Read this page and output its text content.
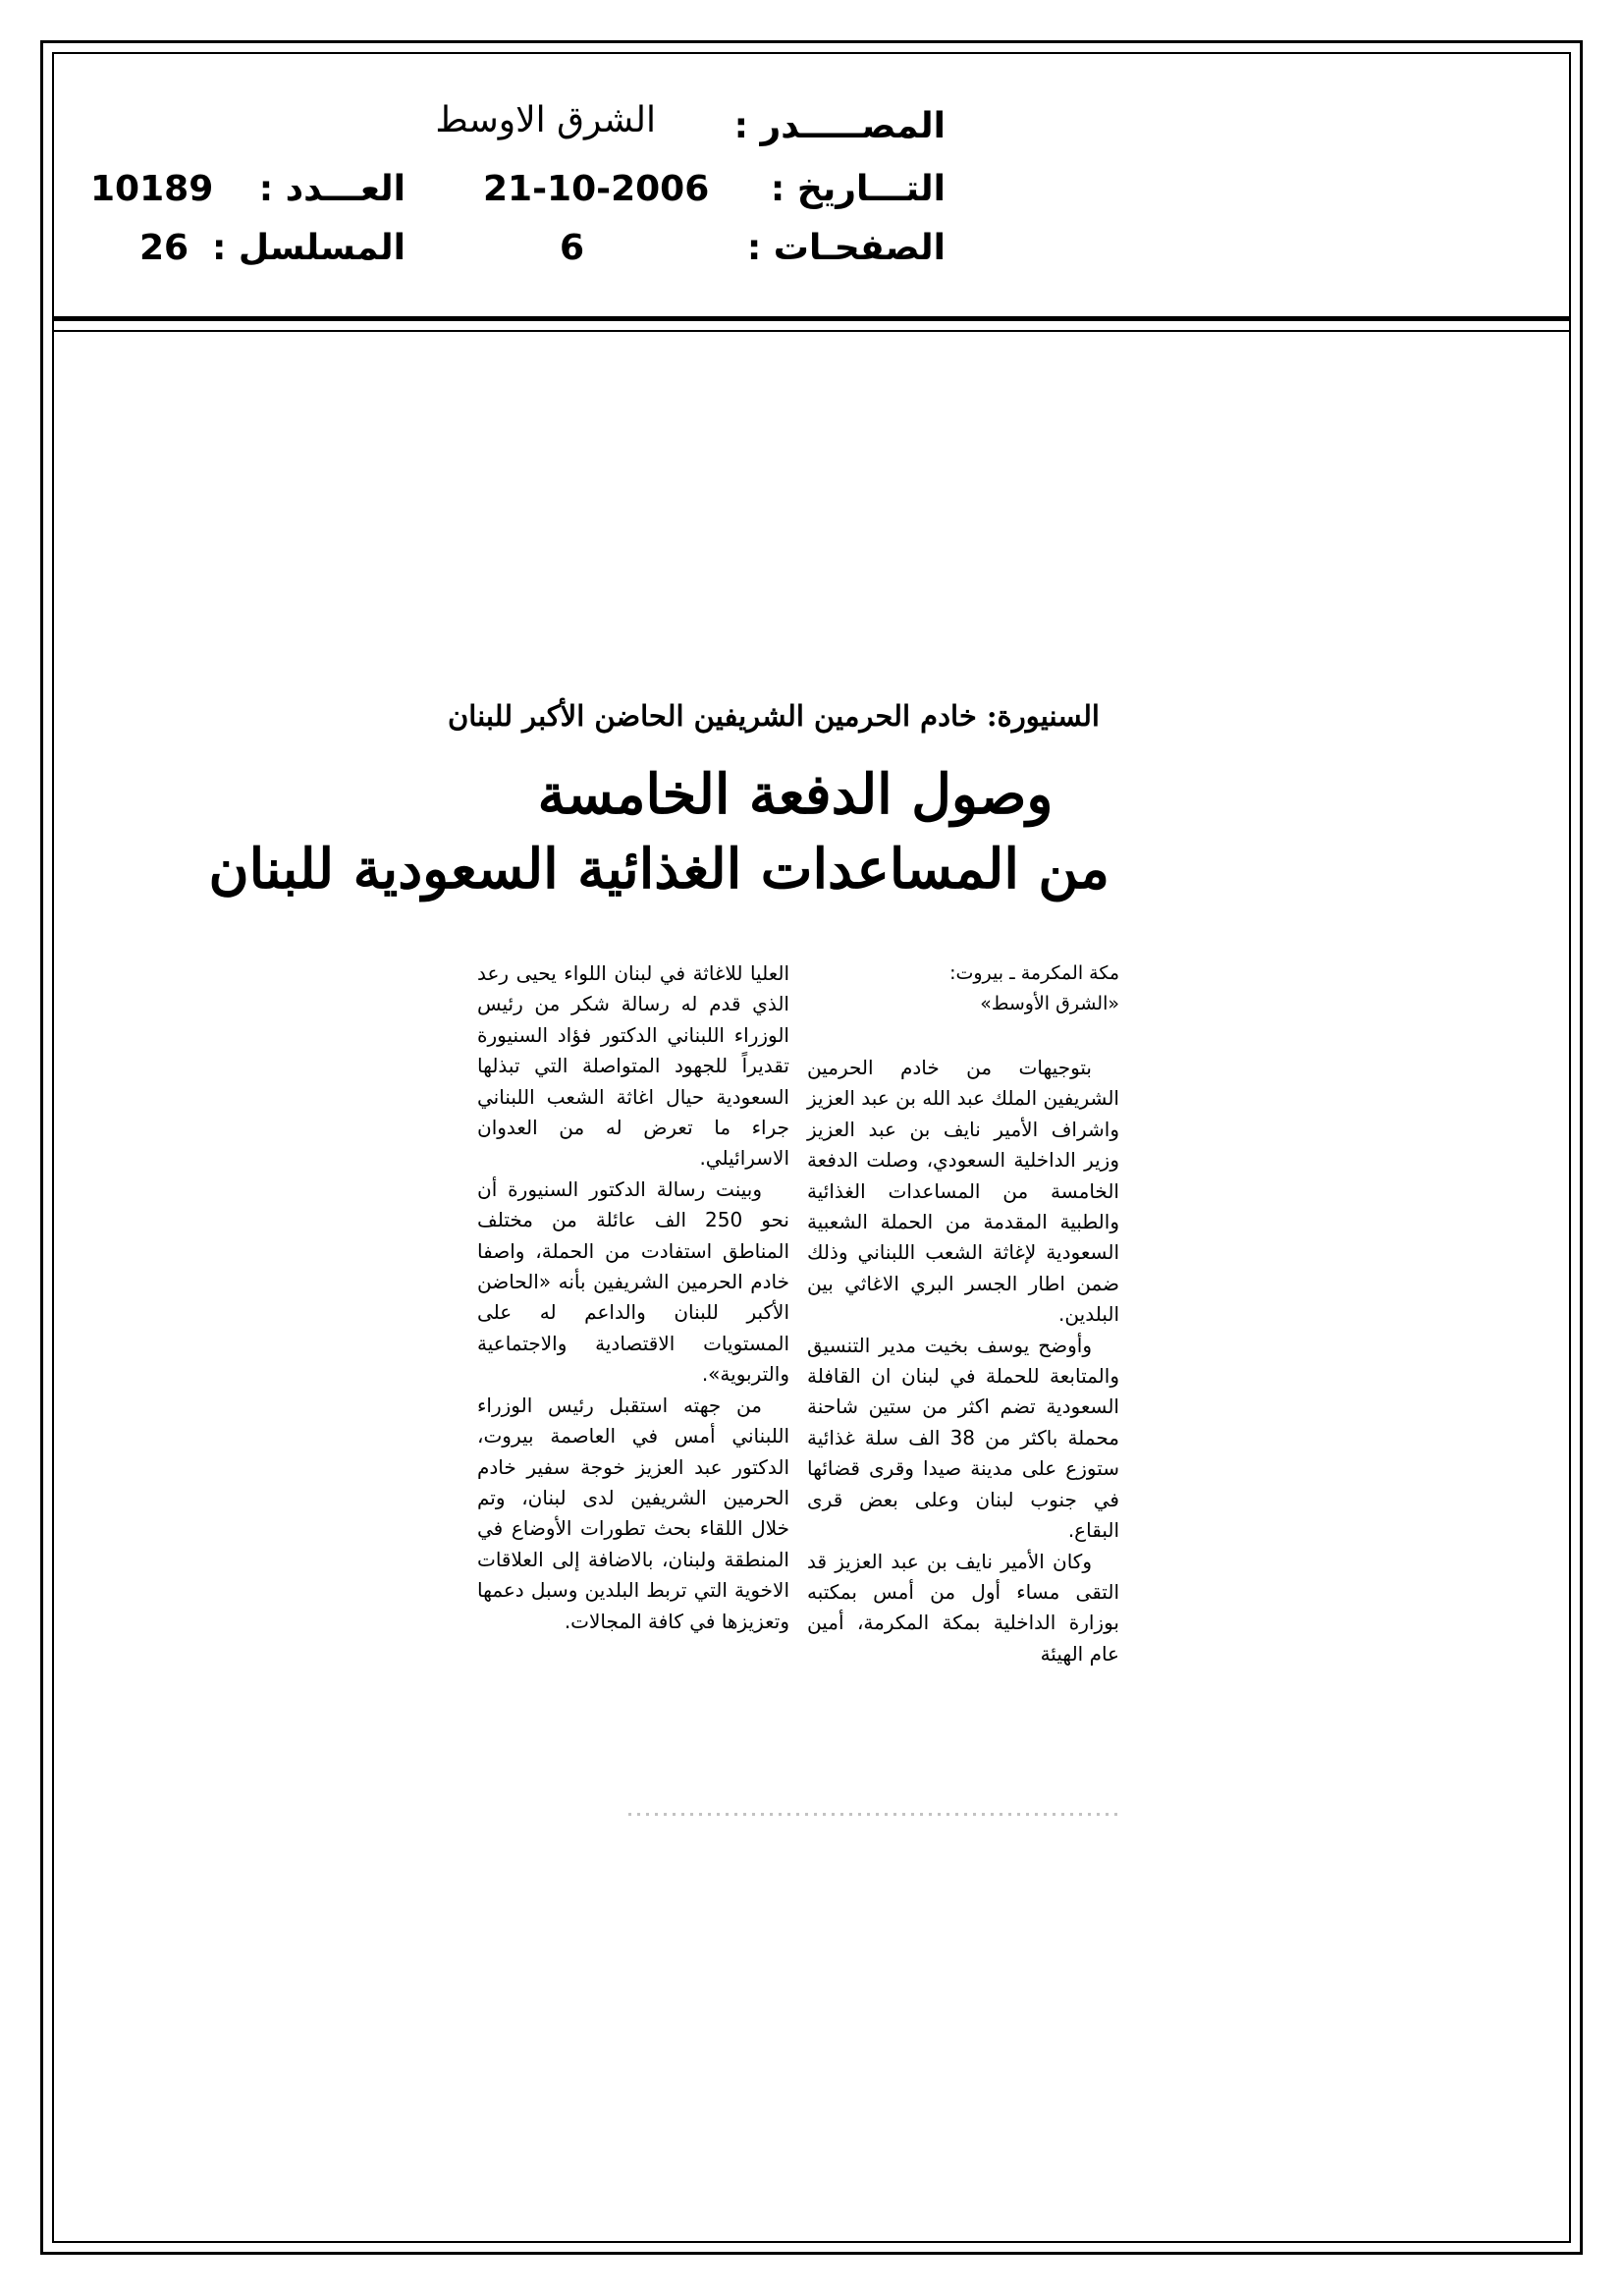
المصـــــدر :
الشرق الاوسط
التـــاريخ :
21-10-2006
العـــدد :
10189
الصفحـات :
6
المسلسل :
26
السنيورة: خادم الحرمين الشريفين الحاضن الأكبر للبنان
وصول الدفعة الخامسة
من المساعدات الغذائية السعودية للبنان

مكة المكرمة ـ بيروت:
«الشرق الأوسط»

بتوجيهات من خادم الحرمين الشريفين الملك عبد الله بن عبد العزيز واشراف الأمير نايف بن عبد العزيز وزير الداخلية السعودي، وصلت الدفعة الخامسة من المساعدات الغذائية والطبية المقدمة من الحملة الشعبية السعودية لإغاثة الشعب اللبناني وذلك ضمن اطار الجسر البري الاغاثي بين البلدين.

وأوضح يوسف بخيت مدير التنسيق والمتابعة للحملة في لبنان ان القافلة السعودية تضم اكثر من ستين شاحنة محملة باكثر من 38 الف سلة غذائية ستوزع على مدينة صيدا وقرى قضائها في جنوب لبنان وعلى بعض قرى البقاع.

وكان الأمير نايف بن عبد العزيز قد التقى مساء أول من أمس بمكتبه بوزارة الداخلية بمكة المكرمة، أمين عام الهيئة

العليا للاغاثة في لبنان اللواء يحيى رعد الذي قدم له رسالة شكر من رئيس الوزراء اللبناني الدكتور فؤاد السنيورة تقديراً للجهود المتواصلة التي تبذلها السعودية حيال اغاثة الشعب اللبناني جراء ما تعرض له من العدوان الاسرائيلي.

وبينت رسالة الدكتور السنيورة أن نحو 250 الف عائلة من مختلف المناطق استفادت من الحملة، واصفا خادم الحرمين الشريفين بأنه «الحاضن الأكبر للبنان والداعم له على المستويات الاقتصادية والاجتماعية والتربوية».

من جهته استقبل رئيس الوزراء اللبناني أمس في العاصمة بيروت، الدكتور عبد العزيز خوجة سفير خادم الحرمين الشريفين لدى لبنان، وتم خلال اللقاء بحث تطورات الأوضاع في المنطقة ولبنان، بالاضافة إلى العلاقات الاخوية التي تربط البلدين وسبل دعمها وتعزيزها في كافة المجالات.
